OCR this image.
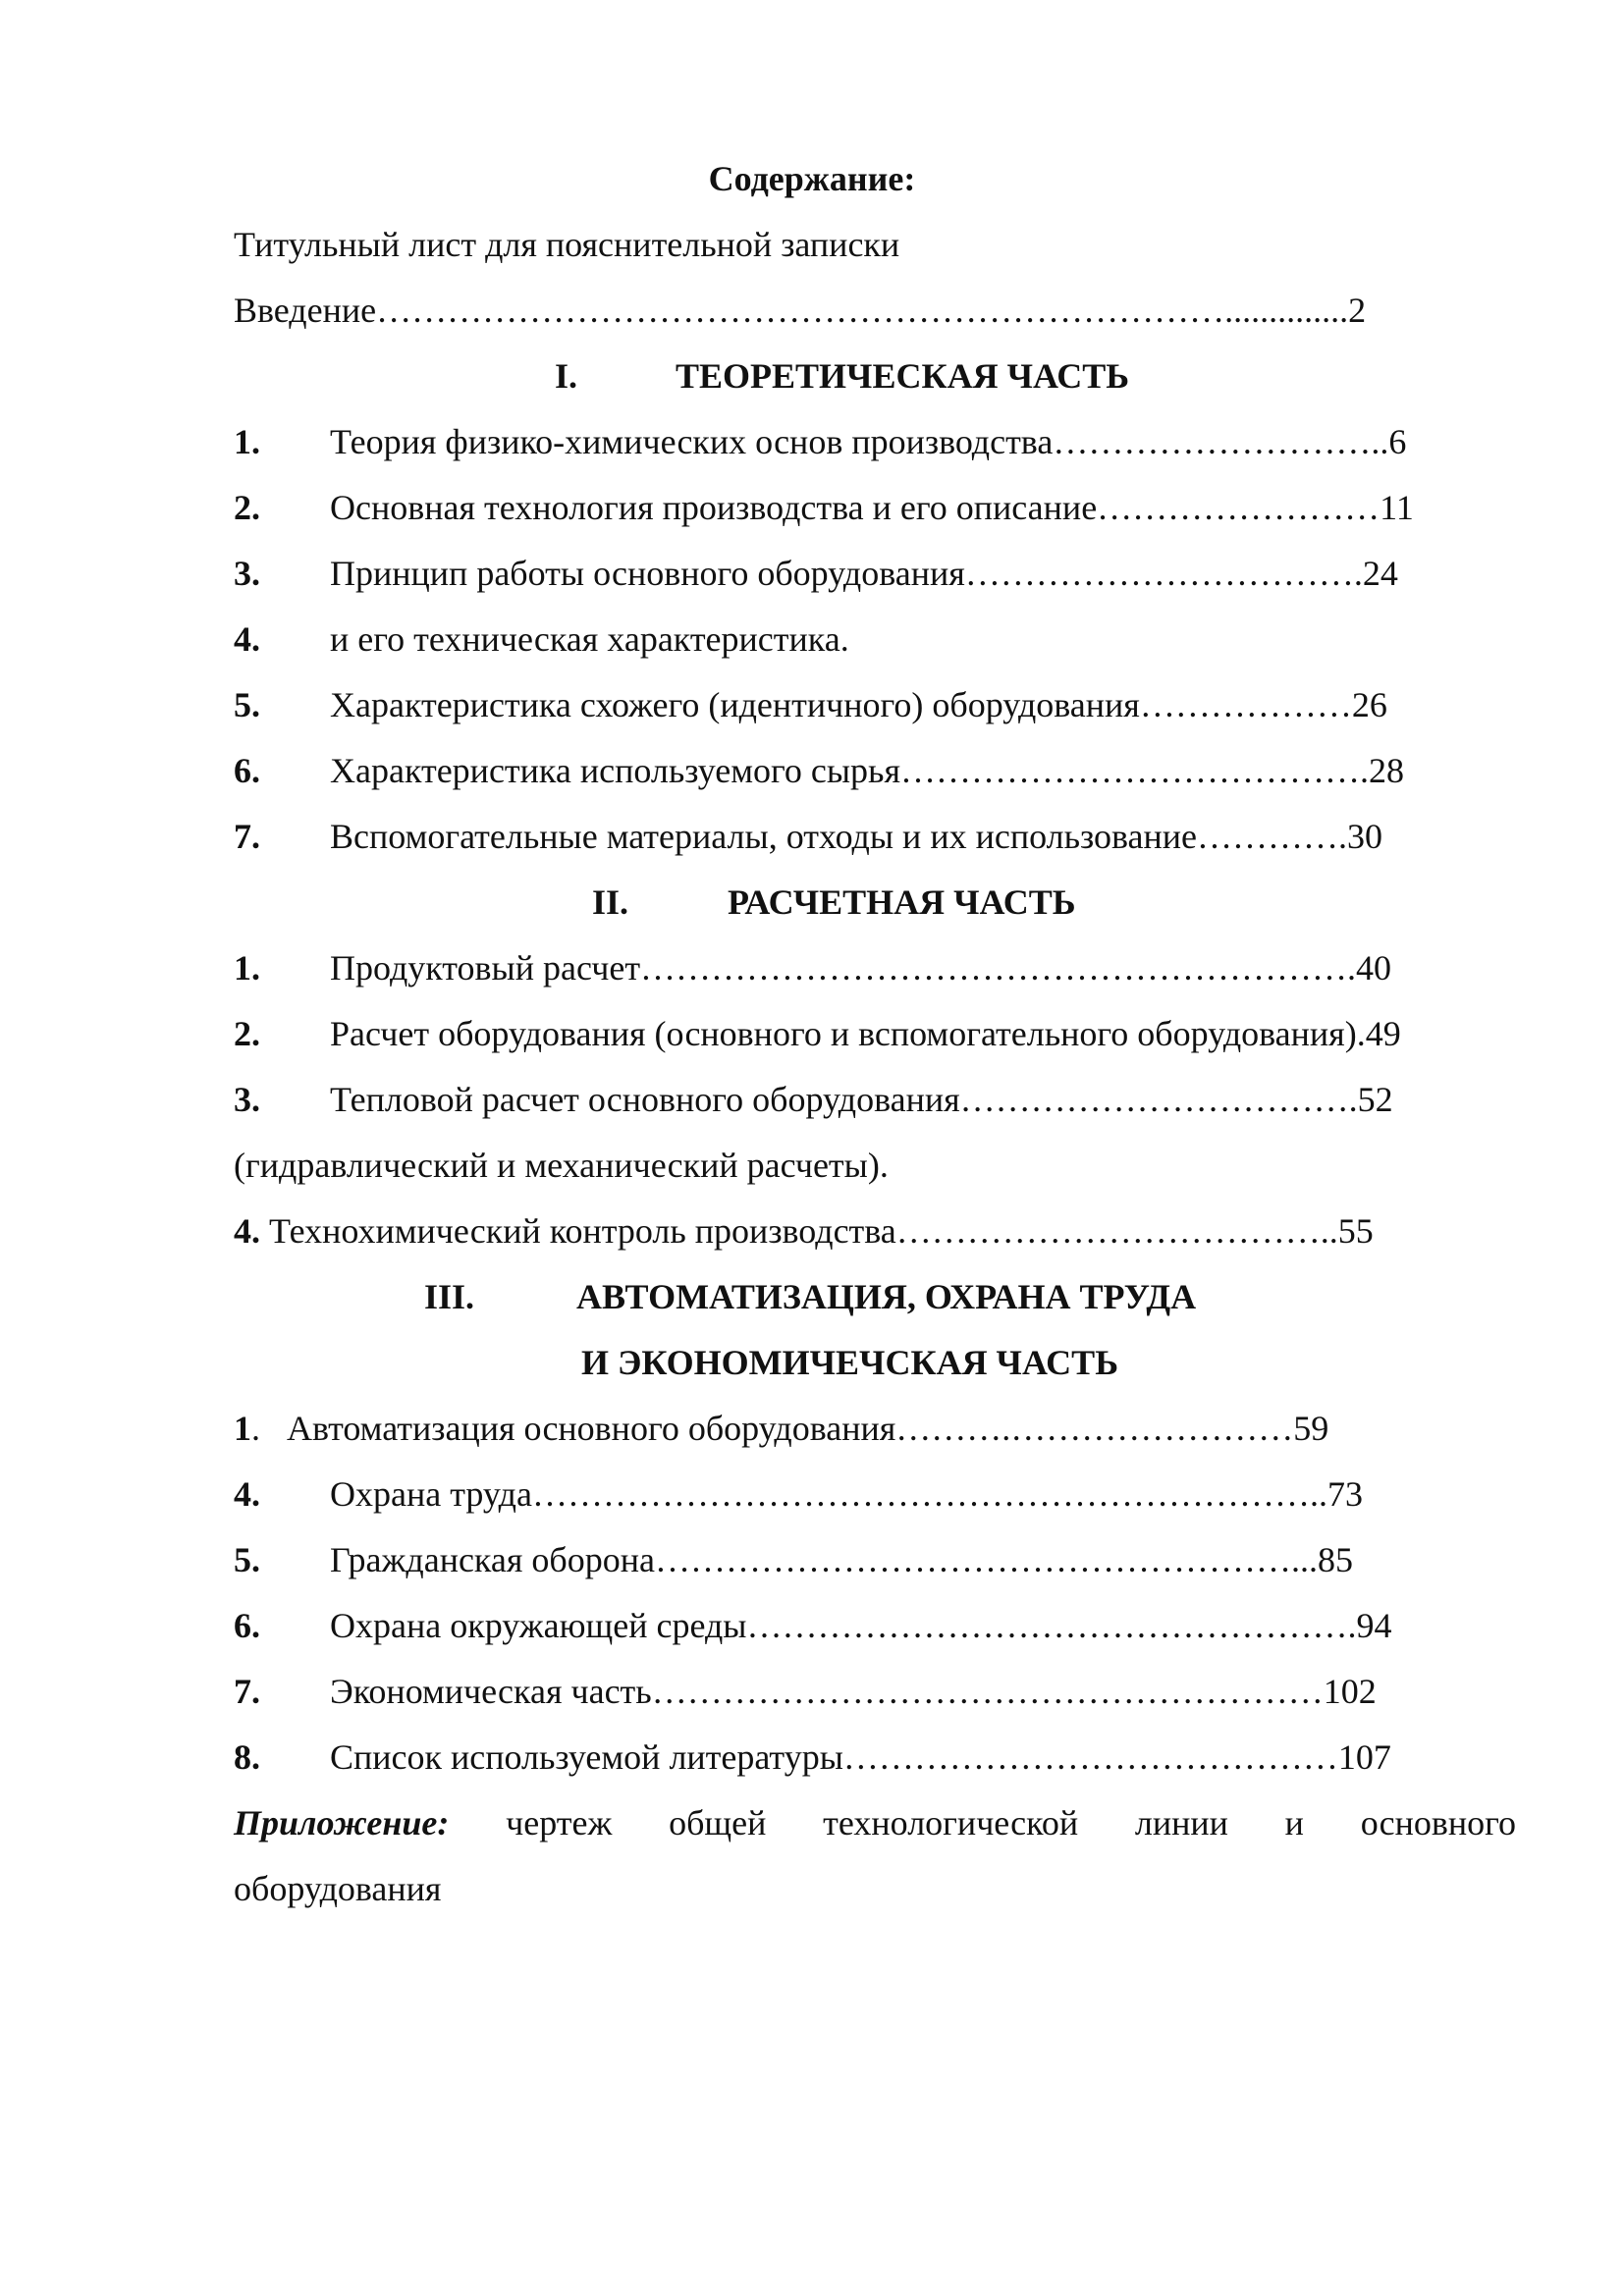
Содержание:
Титульный лист для пояснительной записки
Введение………………………………………………………………..............2
I.	ТЕОРЕТИЧЕСКАЯ ЧАСТЬ
1. Теория физико-химических основ производства………………………..6
2. Основная технология производства и его описание……………………11
3. Принцип работы основного оборудования…………………………….24
4. и его техническая характеристика.
5. Характеристика схожего (идентичного) оборудования………………26
6. Характеристика используемого сырья………………………………….28
7. Вспомогательные материалы, отходы и их использование………….30
II.	РАСЧЕТНАЯ ЧАСТЬ
1. Продуктовый расчет…………………………………………………….40
2. Расчет оборудования (основного и вспомогательного оборудования).49
3. Тепловой расчет основного оборудования…………………………….52
(гидравлический и механический расчеты).
4. Технохимический контроль производства………………………………..55
III.	АВТОМАТИЗАЦИЯ, ОХРАНА ТРУДА
И ЭКОНОМИЧЕЧСКАЯ ЧАСТЬ
1.   Автоматизация основного оборудования……….……………………59
4. Охрана труда…………………………………………………………..73
5. Гражданская оборона………………………………………………...85
6. Охрана окружающей среды…………………………………………….94
7. Экономическая часть…………………………………………………102
8. Список используемой литературы……………………………………107
Приложение: чертеж общей технологической линии и основного
оборудования
